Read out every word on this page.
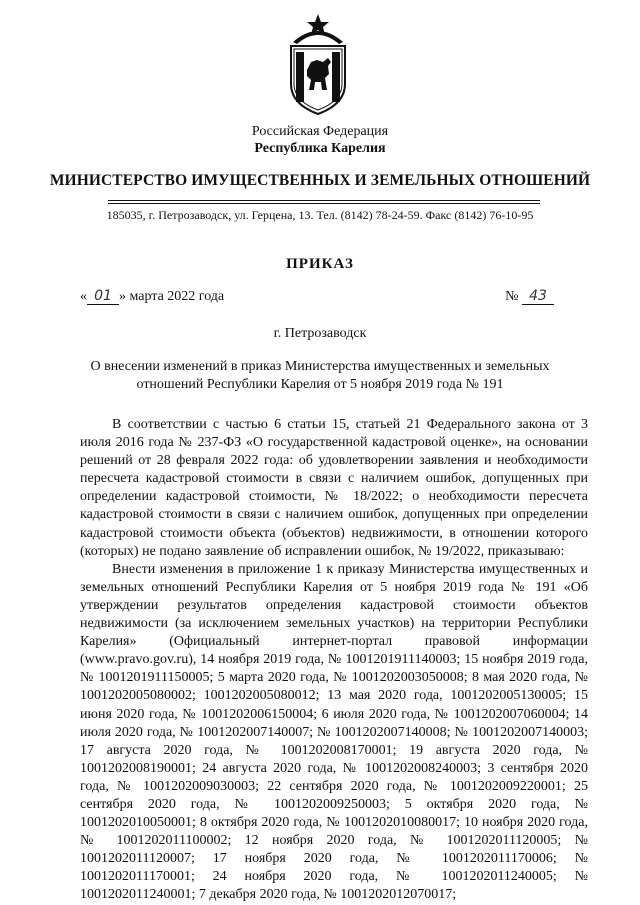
Российская Федерация
Республика Карелия
МИНИСТЕРСТВО ИМУЩЕСТВЕННЫХ И ЗЕМЕЛЬНЫХ ОТНОШЕНИЙ
185035, г. Петрозаводск, ул. Герцена, 13. Тел. (8142) 78-24-59. Факс (8142) 76-10-95
ПРИКАЗ
« 01 » марта 2022 года	№ 43
г. Петрозаводск
О внесении изменений в приказ Министерства имущественных и земельных отношений Республики Карелия от 5 ноября 2019 года № 191

В соответствии с частью 6 статьи 15, статьей 21 Федерального закона от 3 июля 2016 года № 237-ФЗ «О государственной кадастровой оценке», на основании решений от 28 февраля 2022 года: об удовлетворении заявления и необходимости пересчета кадастровой стоимости в связи с наличием ошибок, допущенных при определении кадастровой стоимости, № 18/2022; о необходимости пересчета кадастровой стоимости в связи с наличием ошибок, допущенных при определении кадастровой стоимости объекта (объектов) недвижимости, в отношении которого (которых) не подано заявление об исправлении ошибок, № 19/2022, приказываю:

Внести изменения в приложение 1 к приказу Министерства имущественных и земельных отношений Республики Карелия от 5 ноября 2019 года № 191 «Об утверждении результатов определения кадастровой стоимости объектов недвижимости (за исключением земельных участков) на территории Республики Карелия» (Официальный интернет-портал правовой информации (www.pravo.gov.ru), 14 ноября 2019 года, № 1001201911140003; 15 ноября 2019 года, № 1001201911150005; 5 марта 2020 года, № 1001202003050008; 8 мая 2020 года, № 1001202005080002; 1001202005080012; 13 мая 2020 года, 1001202005130005; 15 июня 2020 года, № 1001202006150004; 6 июля 2020 года, № 1001202007060004; 14 июля 2020 года, № 1001202007140007; № 1001202007140008; № 1001202007140003; 17 августа 2020 года, № 1001202008170001; 19 августа 2020 года, № 1001202008190001; 24 августа 2020 года, № 1001202008240003; 3 сентября 2020 года, № 1001202009030003; 22 сентября 2020 года, № 1001202009220001; 25 сентября 2020 года, № 1001202009250003; 5 октября 2020 года, № 1001202010050001; 8 октября 2020 года, № 1001202010080017; 10 ноября 2020 года, № 1001202011100002; 12 ноября 2020 года, № 1001202011120005; № 1001202011120007; 17 ноября 2020 года, № 1001202011170006; № 1001202011170001; 24 ноября 2020 года, № 1001202011240005; № 1001202011240001; 7 декабря 2020 года, № 1001202012070017;
